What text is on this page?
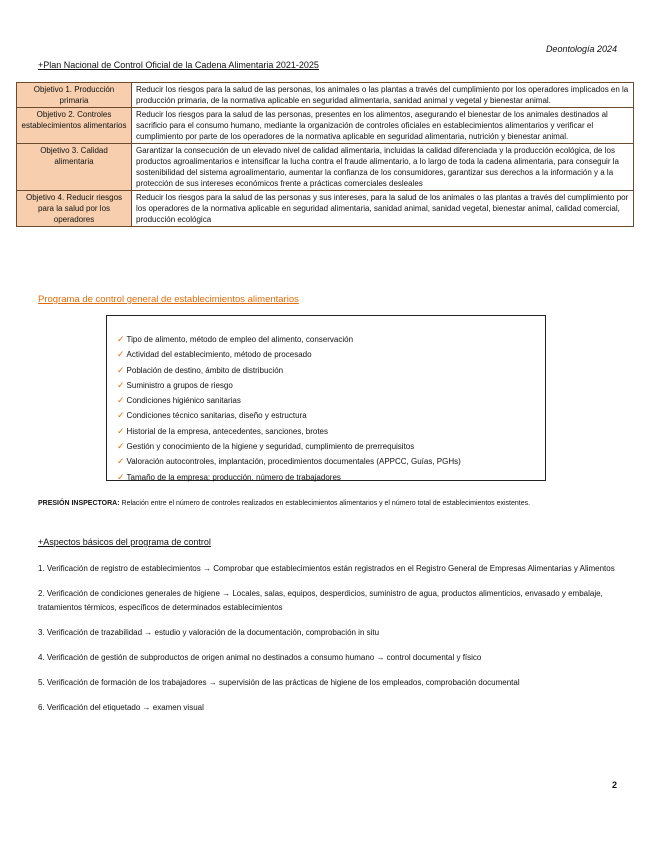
Deontología 2024
+Plan Nacional de Control Oficial de la Cadena Alimentaria 2021-2025
Objetivo 1. Producción primaria	Reducir los riesgos para la salud de las personas, los animales o las plantas a través del cumplimiento por los operadores implicados en la producción primaria, de la normativa aplicable en seguridad alimentaria, sanidad animal y vegetal y bienestar animal.
Objetivo 2. Controles establecimientos alimentarios	Reducir los riesgos para la salud de las personas, presentes en los alimentos, asegurando el bienestar de los animales destinados al sacrificio para el consumo humano, mediante la organización de controles oficiales en establecimientos alimentarios y verificar el cumplimiento por parte de los operadores de la normativa aplicable en seguridad alimentaria, nutrición y bienestar animal.
Objetivo 3. Calidad alimentaria	Garantizar la consecución de un elevado nivel de calidad alimentaria, incluidas la calidad diferenciada y la producción ecológica, de los productos agroalimentarios e intensificar la lucha contra el fraude alimentario, a lo largo de toda la cadena alimentaria, para conseguir la sostenibilidad del sistema agroalimentario, aumentar la confianza de los consumidores, garantizar sus derechos a la información y a la protección de sus intereses económicos frente a prácticas comerciales desleales
Objetivo 4. Reducir riesgos para la salud por los operadores	Reducir los riesgos para la salud de las personas y sus intereses, para la salud de los animales o las plantas a través del cumplimiento por los operadores de la normativa aplicable en seguridad alimentaria, sanidad animal, sanidad vegetal, bienestar animal, calidad comercial, producción ecológica
Programa de control general de establecimientos alimentarios
✓ Tipo de alimento, método de empleo del alimento, conservación
✓ Actividad del establecimiento, método de procesado
✓ Población de destino, ámbito de distribución
✓ Suministro a grupos de riesgo
✓ Condiciones higiénico sanitarias
✓ Condiciones técnico sanitarias, diseño y estructura
✓ Historial de la empresa, antecedentes, sanciones, brotes
✓ Gestión y conocimiento de la higiene y seguridad, cumplimiento de prerrequisitos
✓ Valoración autocontroles, implantación, procedimientos documentales (APPCC, Guías, PGHs)
✓ Tamaño de la empresa: producción, número de trabajadores
PRESIÓN INSPECTORA: Relación entre el número de controles realizados en establecimientos alimentarios y el número total de establecimientos existentes.
+Aspectos básicos del programa de control

1. Verificación de registro de establecimientos → Comprobar que establecimientos están registrados en el Registro General de Empresas Alimentarias y Alimentos

2. Verificación de condiciones generales de higiene → Locales, salas, equipos, desperdicios, suministro de agua, productos alimenticios, envasado y embalaje, tratamientos térmicos, específicos de determinados establecimientos

3. Verificación de trazabilidad → estudio y valoración de la documentación, comprobación in situ

4. Verificación de gestión de subproductos de origen animal no destinados a consumo humano → control documental y físico

5. Verificación de formación de los trabajadores → supervisión de las prácticas de higiene de los empleados, comprobación documental

6. Verificación del etiquetado → examen visual

2
